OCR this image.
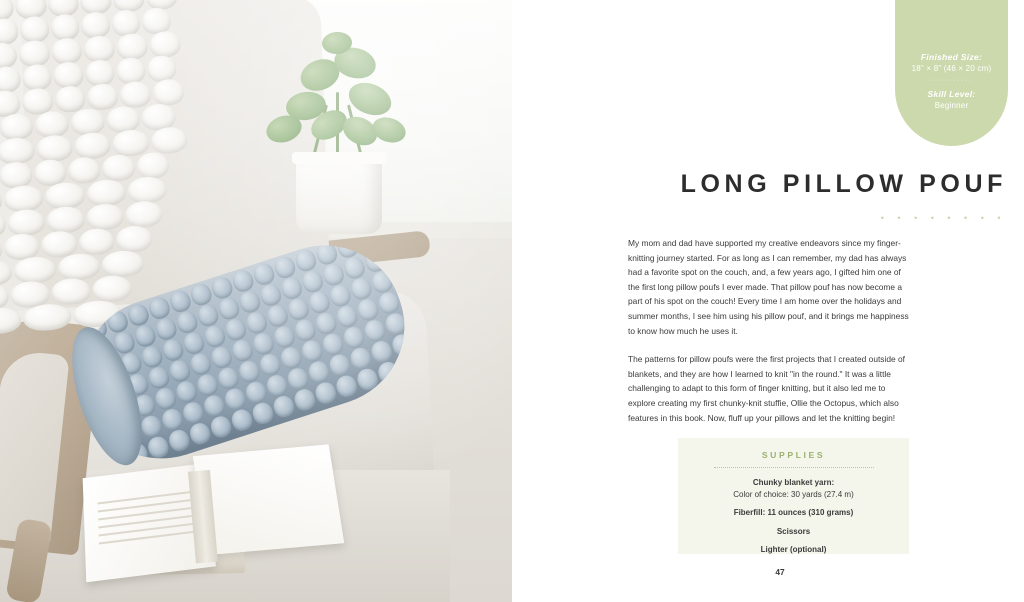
Finished Size:
18" × 8" (46 × 20 cm)
···········
Skill Level:
Beginner
LONG PILLOW POUF
• • • • • • • •

My mom and dad have supported my creative endeavors since my finger-knitting journey started. For as long as I can remember, my dad has always had a favorite spot on the couch, and, a few years ago, I gifted him one of the first long pillow poufs I ever made. That pillow pouf has now become a part of his spot on the couch! Every time I am home over the holidays and summer months, I see him using his pillow pouf, and it brings me happiness to know how much he uses it.

The patterns for pillow poufs were the first projects that I created outside of blankets, and they are how I learned to knit "in the round." It was a little challenging to adapt to this form of finger knitting, but it also led me to explore creating my first chunky-knit stuffie, Ollie the Octopus, which also features in this book. Now, fluff up your pillows and let the knitting begin!

SUPPLIES
Chunky blanket yarn:
Color of choice: 30 yards (27.4 m)
Fiberfill: 11 ounces (310 grams)
Scissors
Lighter (optional)
47
